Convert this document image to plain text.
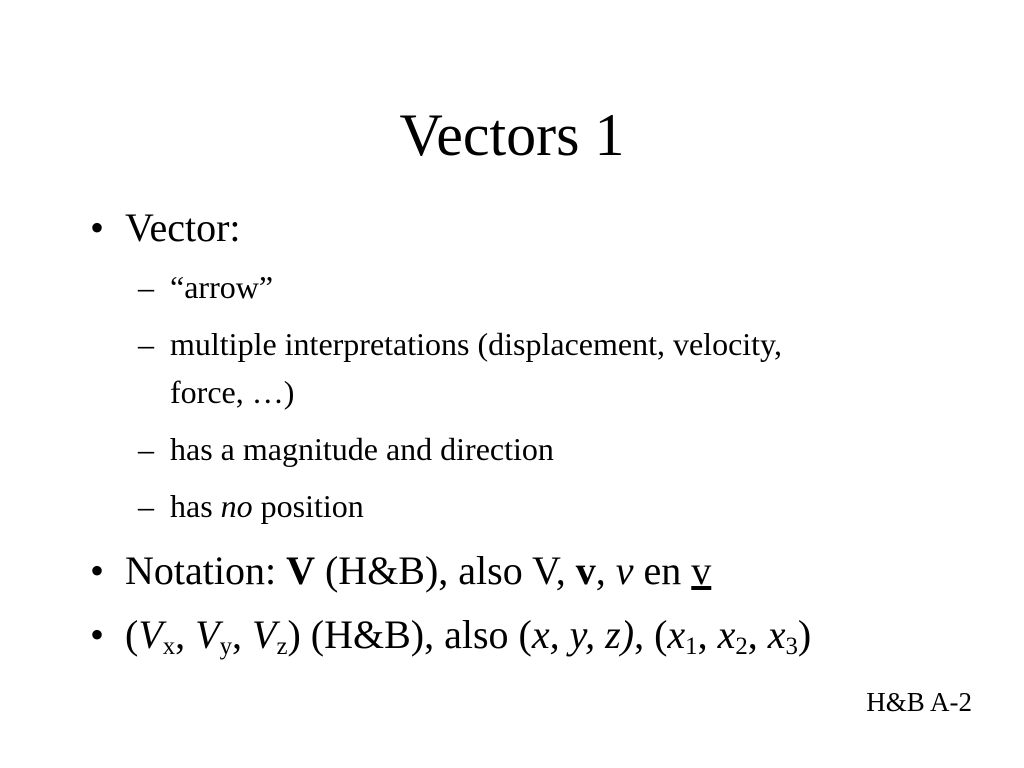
Vectors 1
• Vector:
– “arrow”
– multiple interpretations (displacement, velocity,
force, …)
– has a magnitude and direction
– has no position
• Notation: V (H&B), also V, v, v en v
• ($V_x$, $V_y$, $V_z$) (H&B), also (x, y, z), ($x_1$, $x_2$, $x_3$)
H&B A-2
